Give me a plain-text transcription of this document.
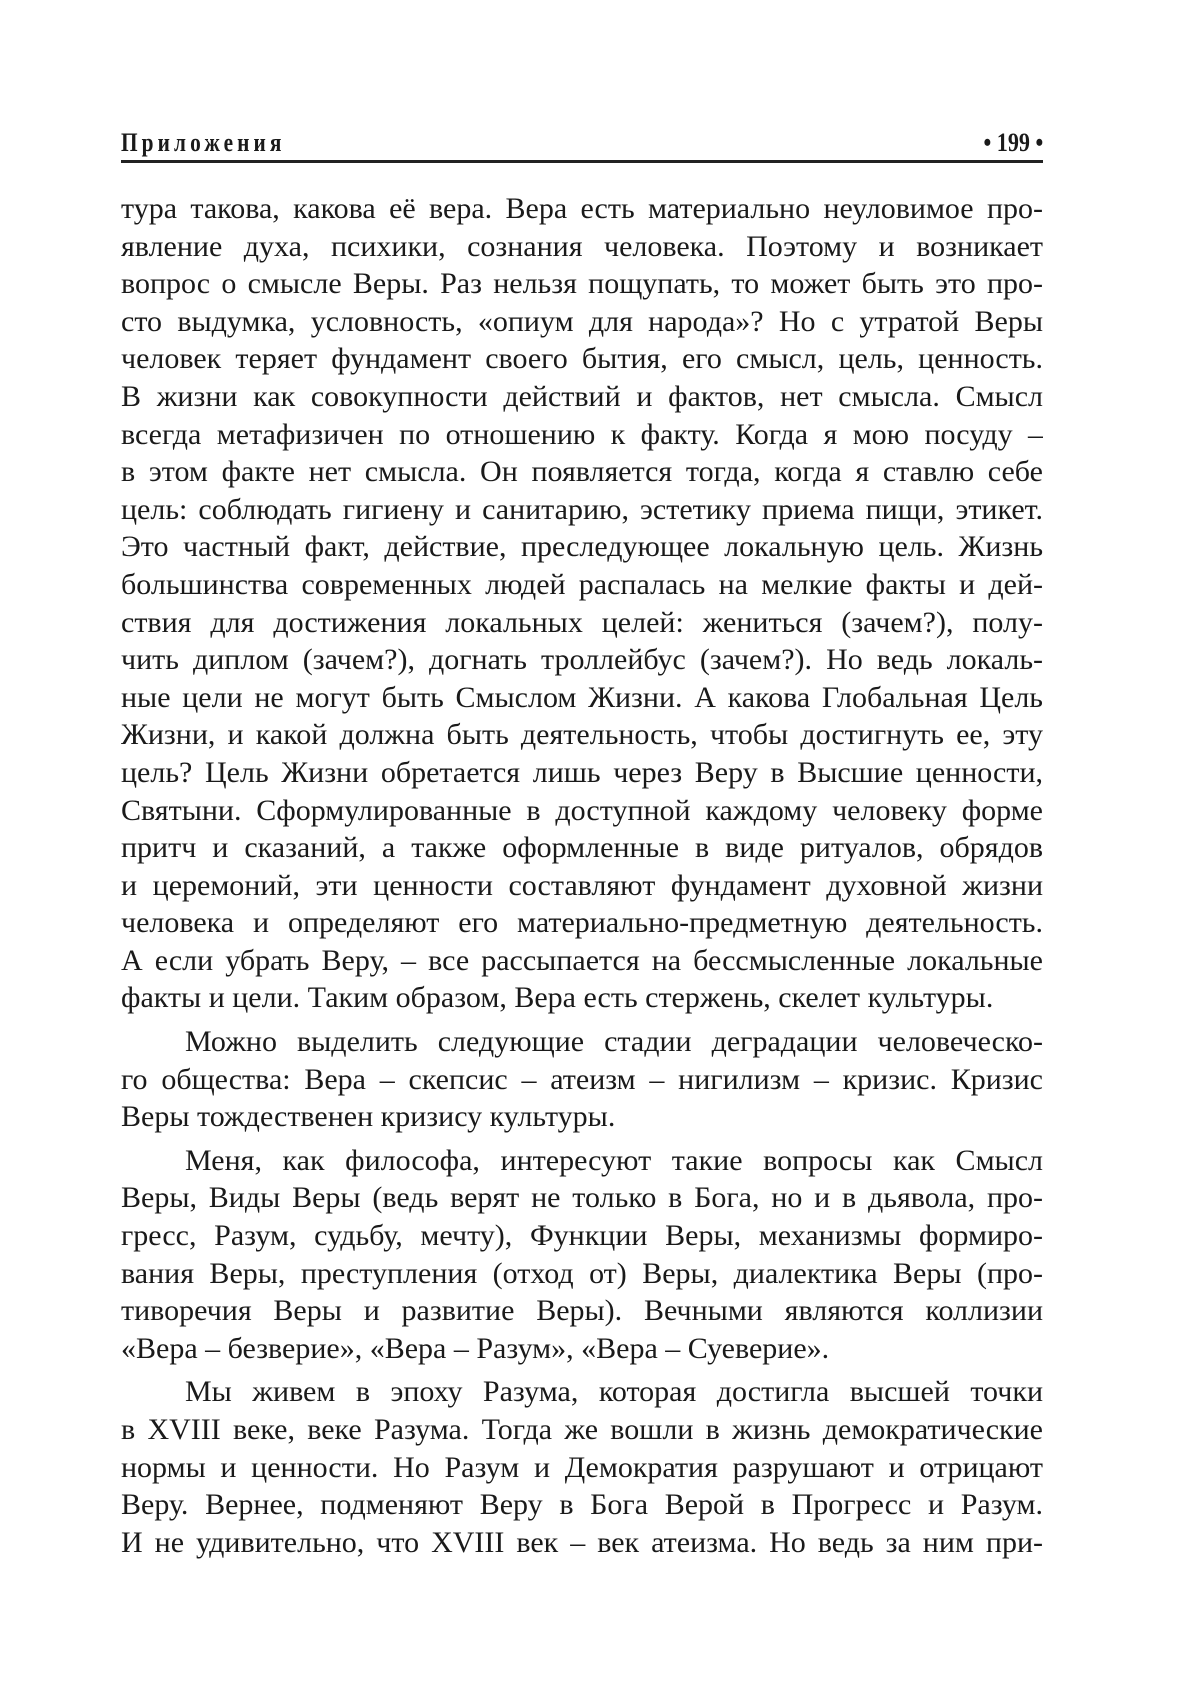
Приложения	• 199 •
тура такова, какова её вера. Вера есть материально неуловимое про-
явление духа, психики, сознания человека. Поэтому и возникает
вопрос о смысле Веры. Раз нельзя пощупать, то может быть это про-
сто выдумка, условность, «опиум для народа»? Но с утратой Веры
человек теряет фундамент своего бытия, его смысл, цель, ценность.
В жизни как совокупности действий и фактов, нет смысла. Смысл
всегда метафизичен по отношению к факту. Когда я мою посуду –
в этом факте нет смысла. Он появляется тогда, когда я ставлю себе
цель: соблюдать гигиену и санитарию, эстетику приема пищи, этикет.
Это частный факт, действие, преследующее локальную цель. Жизнь
большинства современных людей распалась на мелкие факты и дей-
ствия для достижения локальных целей: жениться (зачем?), полу-
чить диплом (зачем?), догнать троллейбус (зачем?). Но ведь локаль-
ные цели не могут быть Смыслом Жизни. А какова Глобальная Цель
Жизни, и какой должна быть деятельность, чтобы достигнуть ее, эту
цель? Цель Жизни обретается лишь через Веру в Высшие ценности,
Святыни. Сформулированные в доступной каждому человеку форме
притч и сказаний, а также оформленные в виде ритуалов, обрядов
и церемоний, эти ценности составляют фундамент духовной жизни
человека и определяют его материально-предметную деятельность.
А если убрать Веру, – все рассыпается на бессмысленные локальные
факты и цели. Таким образом, Вера есть стержень, скелет культуры.
Можно выделить следующие стадии деградации человеческо-
го общества: Вера – скепсис – атеизм – нигилизм – кризис. Кризис
Веры тождественен кризису культуры.
Меня, как философа, интересуют такие вопросы как Смысл
Веры, Виды Веры (ведь верят не только в Бога, но и в дьявола, про-
гресс, Разум, судьбу, мечту), Функции Веры, механизмы формиро-
вания Веры, преступления (отход от) Веры, диалектика Веры (про-
тиворечия Веры и развитие Веры). Вечными являются коллизии
«Вера – безверие», «Вера – Разум», «Вера – Суеверие».
Мы живем в эпоху Разума, которая достигла высшей точки
в XVIII веке, веке Разума. Тогда же вошли в жизнь демократические
нормы и ценности. Но Разум и Демократия разрушают и отрицают
Веру. Вернее, подменяют Веру в Бога Верой в Прогресс и Разум.
И не удивительно, что XVIII век – век атеизма. Но ведь за ним при-
